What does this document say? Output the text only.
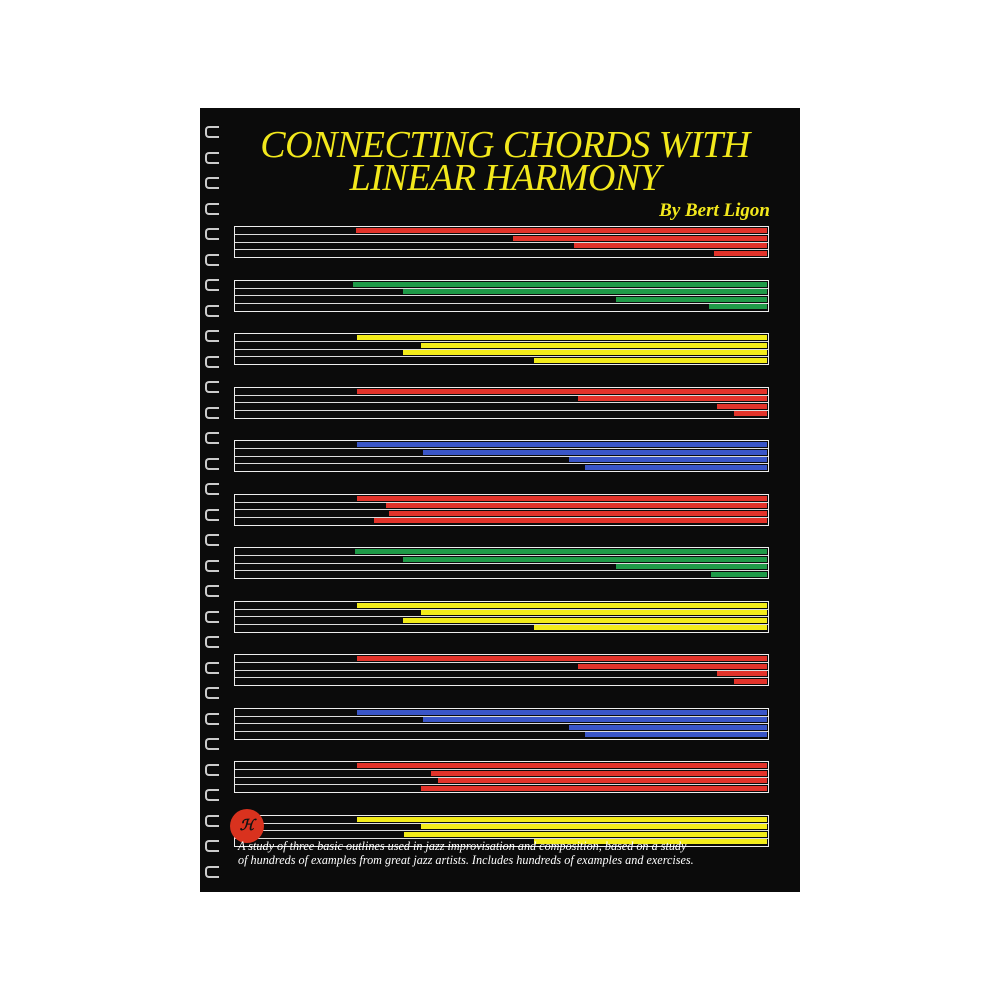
CONNECTING CHORDS WITH
LINEAR HARMONY
By Bert Ligon
ℋ
A study of three basic outlines used in jazz improvisation and composition, based on a study
of hundreds of examples from great jazz artists. Includes hundreds of examples and exercises.
